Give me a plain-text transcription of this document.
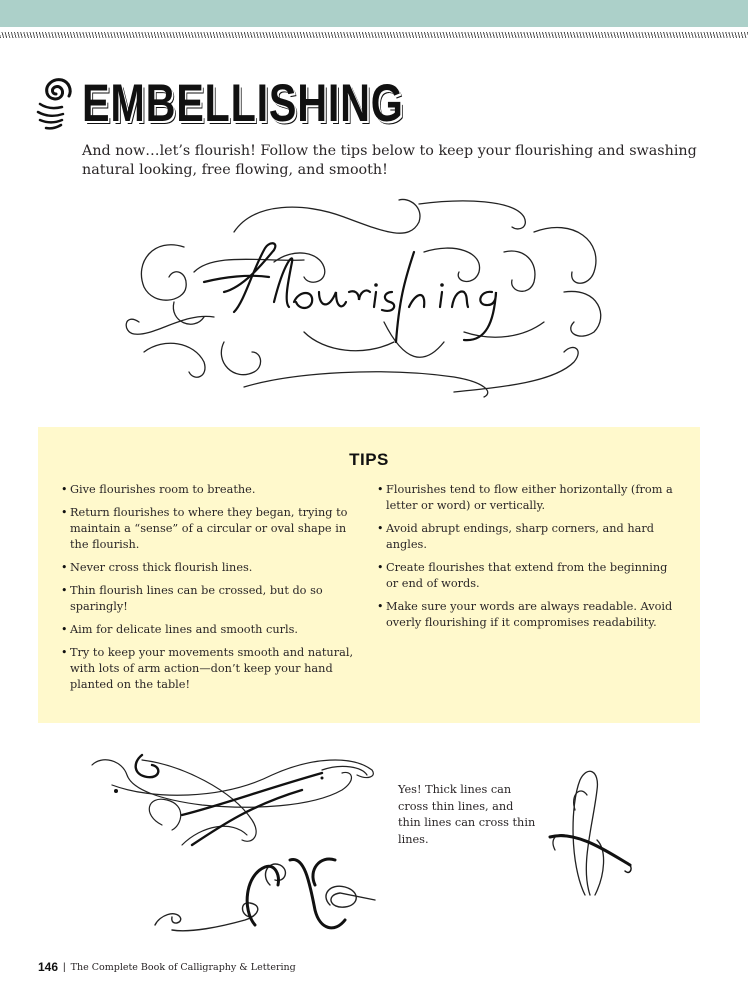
EMBELLISHING

And now…let’s flourish! Follow the tips below to keep your flourishing and swashing natural looking, free flowing, and smooth!

TIPS
• Give flourishes room to breathe.
• Return flourishes to where they began, trying to maintain a “sense” of a circular or oval shape in the flourish.
• Never cross thick flourish lines.
• Thin flourish lines can be crossed, but do so sparingly!
• Aim for delicate lines and smooth curls.
• Try to keep your movements smooth and natural, with lots of arm action—don’t keep your hand planted on the table!
• Flourishes tend to flow either horizontally (from a letter or word) or vertically.
• Avoid abrupt endings, sharp corners, and hard angles.
• Create flourishes that extend from the beginning or end of words.
• Make sure your words are always readable. Avoid overly flourishing if it compromises readability.

Yes! Thick lines can cross thin lines, and thin lines can cross thin lines.

146 | The Complete Book of Calligraphy & Lettering
